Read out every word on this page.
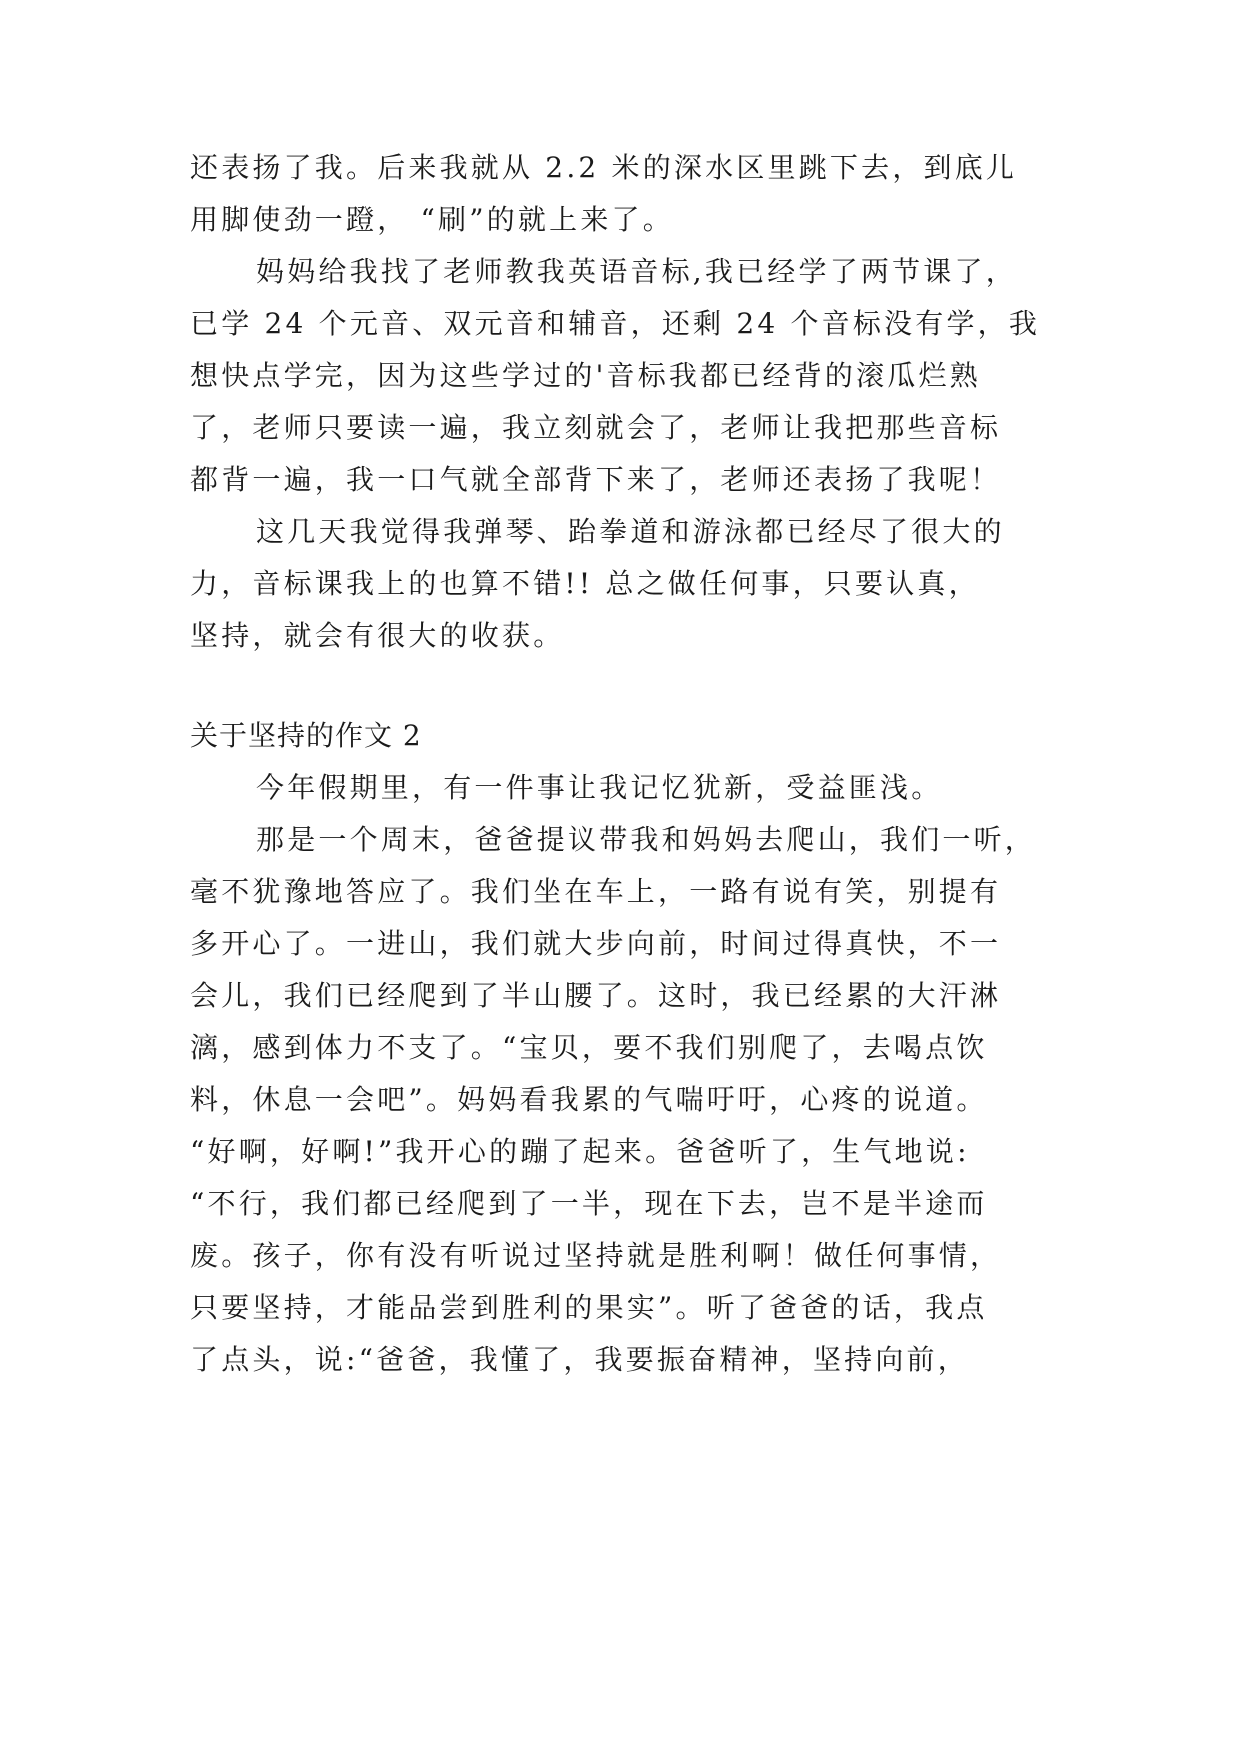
还表扬了我。后来我就从 2.2 米的深水区里跳下去，到底儿
用脚使劲一蹬， “刷”的就上来了。
妈妈给我找了老师教我英语音标,我已经学了两节课了，
已学 24 个元音、双元音和辅音，还剩 24 个音标没有学，我
想快点学完，因为这些学过的'音标我都已经背的滚瓜烂熟
了，老师只要读一遍，我立刻就会了，老师让我把那些音标
都背一遍，我一口气就全部背下来了，老师还表扬了我呢！
这几天我觉得我弹琴、跆拳道和游泳都已经尽了很大的
力，音标课我上的也算不错!! 总之做任何事，只要认真，
坚持，就会有很大的收获。
关于坚持的作文 2
今年假期里，有一件事让我记忆犹新，受益匪浅。
那是一个周末，爸爸提议带我和妈妈去爬山，我们一听，
毫不犹豫地答应了。我们坐在车上，一路有说有笑，别提有
多开心了。一进山，我们就大步向前，时间过得真快，不一
会儿，我们已经爬到了半山腰了。这时，我已经累的大汗淋
漓，感到体力不支了。“宝贝，要不我们别爬了，去喝点饮
料，休息一会吧”。妈妈看我累的气喘吁吁，心疼的说道。
“好啊，好啊!”我开心的蹦了起来。爸爸听了，生气地说:
“不行，我们都已经爬到了一半，现在下去，岂不是半途而
废。孩子，你有没有听说过坚持就是胜利啊！做任何事情，
只要坚持，才能品尝到胜利的果实”。听了爸爸的话，我点
了点头，说:“爸爸，我懂了，我要振奋精神，坚持向前，
